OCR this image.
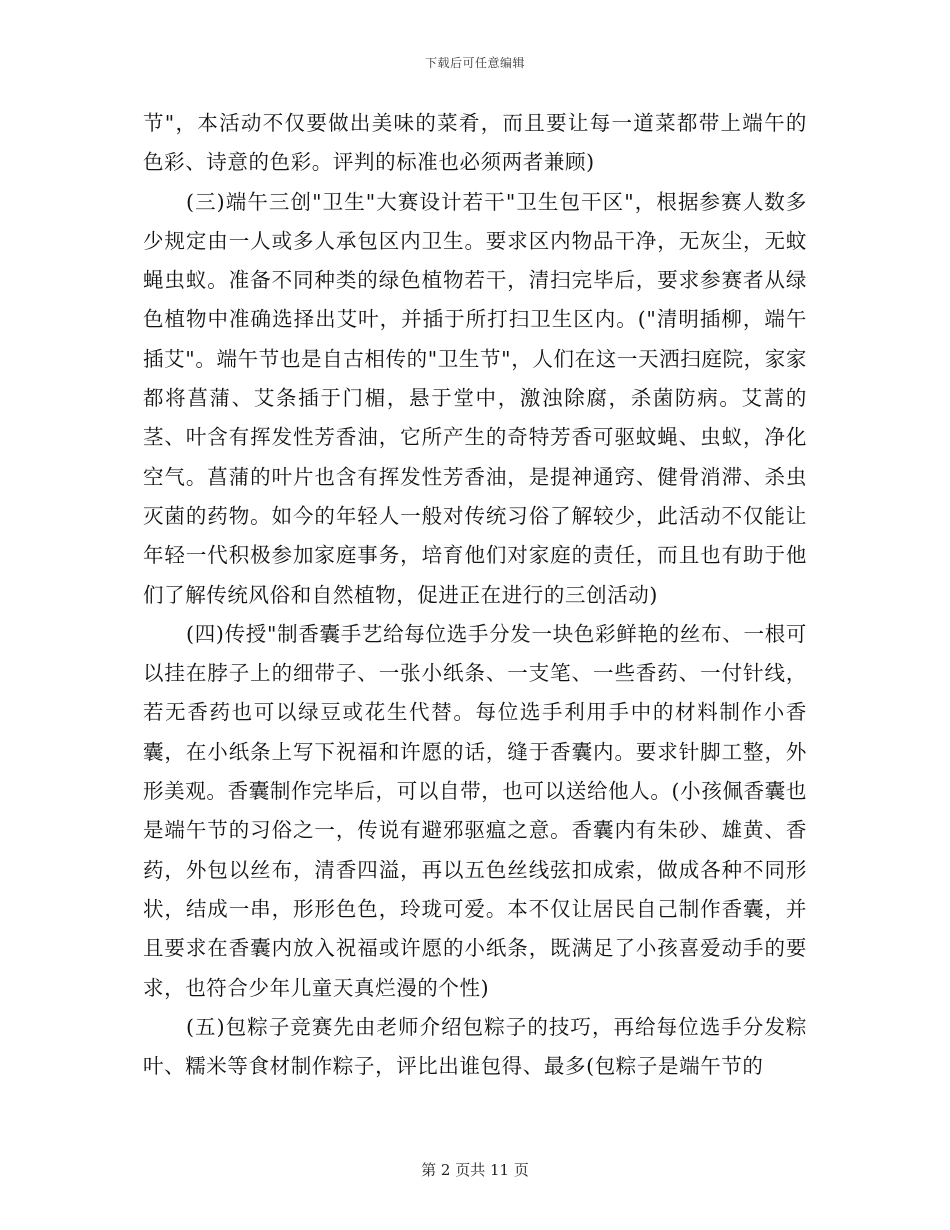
下载后可任意编辑

节"，本活动不仅要做出美味的菜肴，而且要让每一道菜都带上端午的色彩、诗意的色彩。评判的标准也必须两者兼顾)

(三)端午三创"卫生"大赛设计若干"卫生包干区"，根据参赛人数多少规定由一人或多人承包区内卫生。要求区内物品干净，无灰尘，无蚊蝇虫蚁。准备不同种类的绿色植物若干，清扫完毕后，要求参赛者从绿色植物中准确选择出艾叶，并插于所打扫卫生区内。("清明插柳，端午插艾"。端午节也是自古相传的"卫生节"，人们在这一天洒扫庭院，家家都将菖蒲、艾条插于门楣，悬于堂中，激浊除腐，杀菌防病。艾蒿的茎、叶含有挥发性芳香油，它所产生的奇特芳香可驱蚊蝇、虫蚁，净化空气。菖蒲的叶片也含有挥发性芳香油，是提神通窍、健骨消滞、杀虫灭菌的药物。如今的年轻人一般对传统习俗了解较少，此活动不仅能让年轻一代积极参加家庭事务，培育他们对家庭的责任，而且也有助于他们了解传统风俗和自然植物，促进正在进行的三创活动)

(四)传授"制香囊手艺给每位选手分发一块色彩鲜艳的丝布、一根可以挂在脖子上的细带子、一张小纸条、一支笔、一些香药、一付针线，若无香药也可以绿豆或花生代替。每位选手利用手中的材料制作小香囊，在小纸条上写下祝福和许愿的话，缝于香囊内。要求针脚工整，外形美观。香囊制作完毕后，可以自带，也可以送给他人。(小孩佩香囊也是端午节的习俗之一，传说有避邪驱瘟之意。香囊内有朱砂、雄黄、香药，外包以丝布，清香四溢，再以五色丝线弦扣成索，做成各种不同形状，结成一串，形形色色，玲珑可爱。本不仅让居民自己制作香囊，并且要求在香囊内放入祝福或许愿的小纸条，既满足了小孩喜爱动手的要求，也符合少年儿童天真烂漫的个性)

(五)包粽子竞赛先由老师介绍包粽子的技巧，再给每位选手分发粽叶、糯米等食材制作粽子，评比出谁包得、最多(包粽子是端午节的

第 2 页共 11 页
